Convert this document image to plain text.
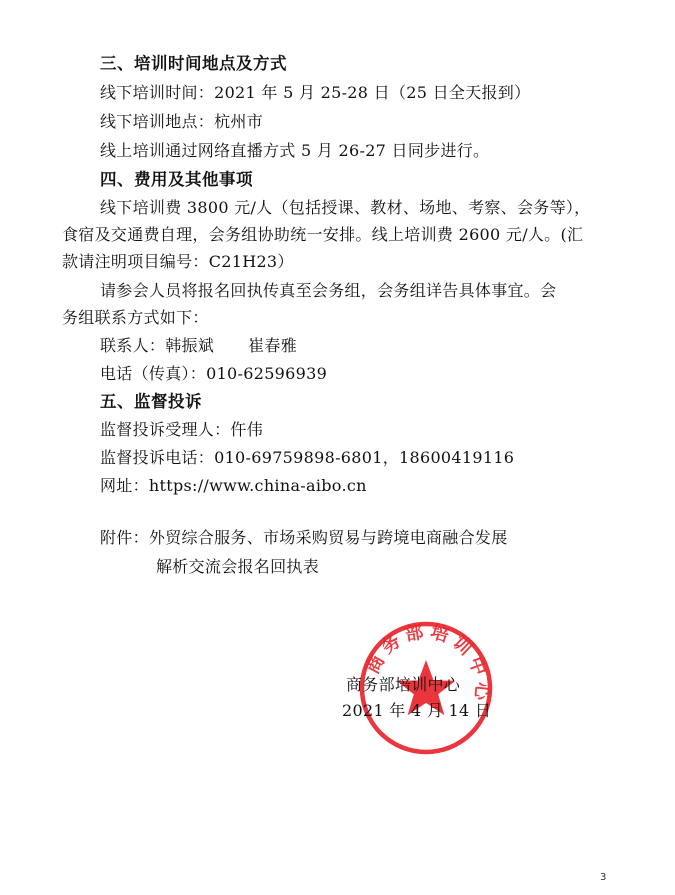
三、培训时间地点及方式
线下培训时间：2021 年 5 月 25-28 日（25 日全天报到）
线下培训地点：杭州市
线上培训通过网络直播方式 5 月 26-27 日同步进行。
四、费用及其他事项
线下培训费 3800 元/人（包括授课、教材、场地、考察、会务等），
食宿及交通费自理，会务组协助统一安排。线上培训费 2600 元/人。(汇
款请注明项目编号：C21H23）
请参会人员将报名回执传真至会务组，会务组详告具体事宜。会
务组联系方式如下：
联系人：韩振斌 崔春雅
电话（传真）：010-62596939
五、监督投诉
监督投诉受理人：仵伟
监督投诉电话：010-69759898-6801，18600419116
网址：https://www.china-aibo.cn
附件：外贸综合服务、市场采购贸易与跨境电商融合发展
解析交流会报名回执表
商务部培训中心
商务部培训中心
2021 年 4 月 14 日
3
